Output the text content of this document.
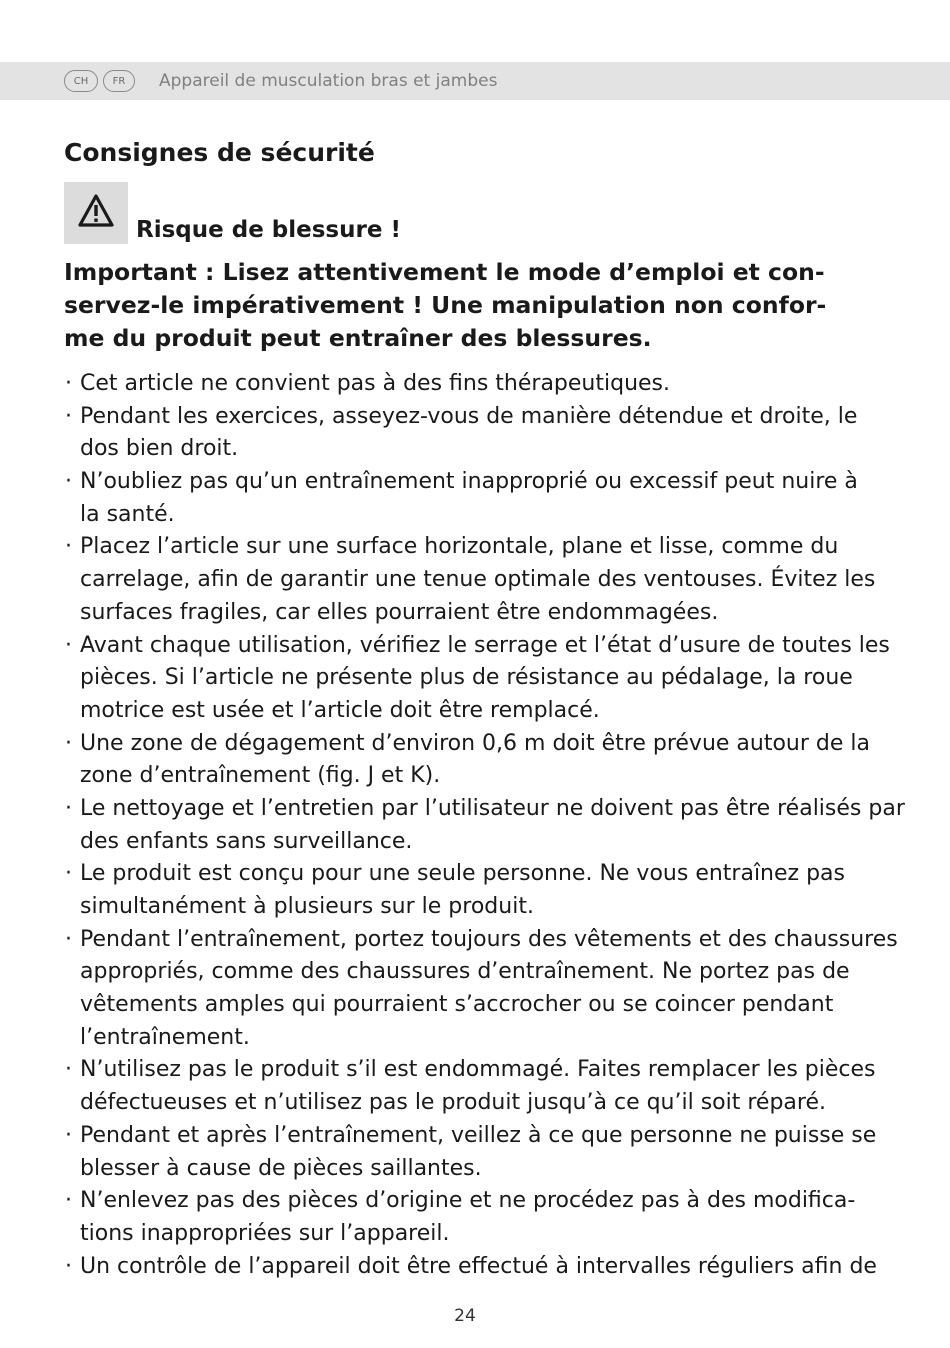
CH	FR	Appareil de musculation bras et jambes
Consignes de sécurité
Risque de blessure !
Important : Lisez attentivement le mode d’emploi et con-
servez-le impérativement ! Une manipulation non confor-
me du produit peut entraîner des blessures.
· Cet article ne convient pas à des fins thérapeutiques.
· Pendant les exercices, asseyez-vous de manière détendue et droite, le
dos bien droit.
· N’oubliez pas qu’un entraînement inapproprié ou excessif peut nuire à
la santé.
· Placez l’article sur une surface horizontale, plane et lisse, comme du
carrelage, afin de garantir une tenue optimale des ventouses. Évitez les
surfaces fragiles, car elles pourraient être endommagées.
· Avant chaque utilisation, vérifiez le serrage et l’état d’usure de toutes les
pièces. Si l’article ne présente plus de résistance au pédalage, la roue
motrice est usée et l’article doit être remplacé.
· Une zone de dégagement d’environ 0,6 m doit être prévue autour de la
zone d’entraînement (fig. J et K).
· Le nettoyage et l’entretien par l’utilisateur ne doivent pas être réalisés par
des enfants sans surveillance.
· Le produit est conçu pour une seule personne. Ne vous entraînez pas
simultanément à plusieurs sur le produit.
· Pendant l’entraînement, portez toujours des vêtements et des chaussures
appropriés, comme des chaussures d’entraînement. Ne portez pas de
vêtements amples qui pourraient s’accrocher ou se coincer pendant
l’entraînement.
· N’utilisez pas le produit s’il est endommagé. Faites remplacer les pièces
défectueuses et n’utilisez pas le produit jusqu’à ce qu’il soit réparé.
· Pendant et après l’entraînement, veillez à ce que personne ne puisse se
blesser à cause de pièces saillantes.
· N’enlevez pas des pièces d’origine et ne procédez pas à des modifica-
tions inappropriées sur l’appareil.
· Un contrôle de l’appareil doit être effectué à intervalles réguliers afin de
24
